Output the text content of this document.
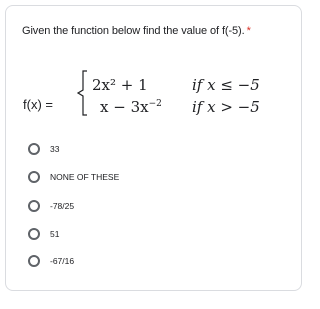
Given the function below find the value of f(-5). *
f(x) =
2x² + 1
$x - 3x^{-2}$
if x ≤ −5
if x > −5
33
NONE OF THESE
-78/25
51
-67/16
